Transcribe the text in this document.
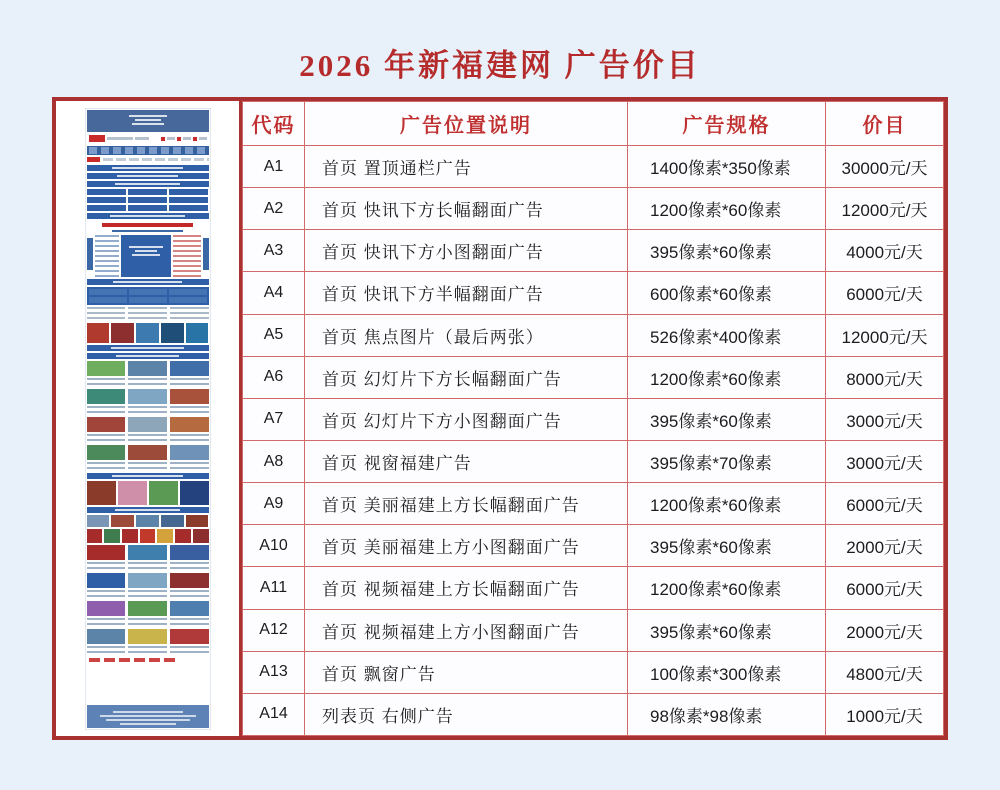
2026 年新福建网 广告价目
代码	广告位置说明	广告规格	价目
A1	首页 置顶通栏广告	1400像素*350像素	30000元/天
A2	首页 快讯下方长幅翻面广告	1200像素*60像素	12000元/天
A3	首页 快讯下方小图翻面广告	395像素*60像素	4000元/天
A4	首页 快讯下方半幅翻面广告	600像素*60像素	6000元/天
A5	首页 焦点图片（最后两张）	526像素*400像素	12000元/天
A6	首页 幻灯片下方长幅翻面广告	1200像素*60像素	8000元/天
A7	首页 幻灯片下方小图翻面广告	395像素*60像素	3000元/天
A8	首页 视窗福建广告	395像素*70像素	3000元/天
A9	首页 美丽福建上方长幅翻面广告	1200像素*60像素	6000元/天
A10	首页 美丽福建上方小图翻面广告	395像素*60像素	2000元/天
A11	首页 视频福建上方长幅翻面广告	1200像素*60像素	6000元/天
A12	首页 视频福建上方小图翻面广告	395像素*60像素	2000元/天
A13	首页 飘窗广告	100像素*300像素	4800元/天
A14	列表页 右侧广告	98像素*98像素	1000元/天
